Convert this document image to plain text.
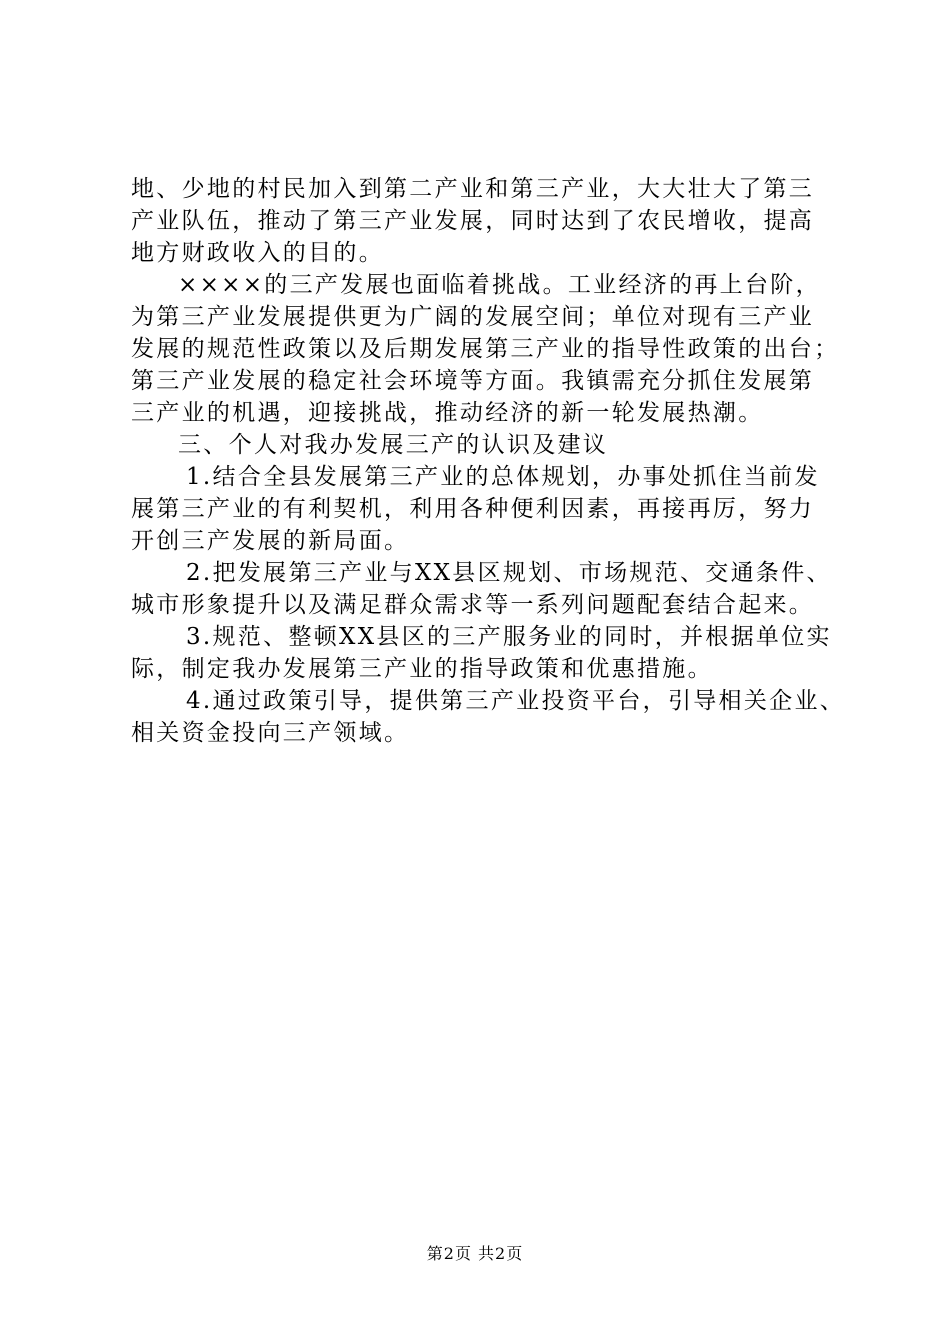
地、少地的村民加入到第二产业和第三产业，大大壮大了第三
产业队伍，推动了第三产业发展，同时达到了农民增收，提高
地方财政收入的目的。
××××的三产发展也面临着挑战。工业经济的再上台阶，
为第三产业发展提供更为广阔的发展空间；单位对现有三产业
发展的规范性政策以及后期发展第三产业的指导性政策的出台；
第三产业发展的稳定社会环境等方面。我镇需充分抓住发展第
三产业的机遇，迎接挑战，推动经济的新一轮发展热潮。
三、个人对我办发展三产的认识及建议
1.结合全县发展第三产业的总体规划，办事处抓住当前发
展第三产业的有利契机，利用各种便利因素，再接再厉，努力
开创三产发展的新局面。
2.把发展第三产业与XX县区规划、市场规范、交通条件、
城市形象提升以及满足群众需求等一系列问题配套结合起来。
3.规范、整顿XX县区的三产服务业的同时，并根据单位实
际，制定我办发展第三产业的指导政策和优惠措施。
4.通过政策引导，提供第三产业投资平台，引导相关企业、
相关资金投向三产领域。
第2页 共2页
